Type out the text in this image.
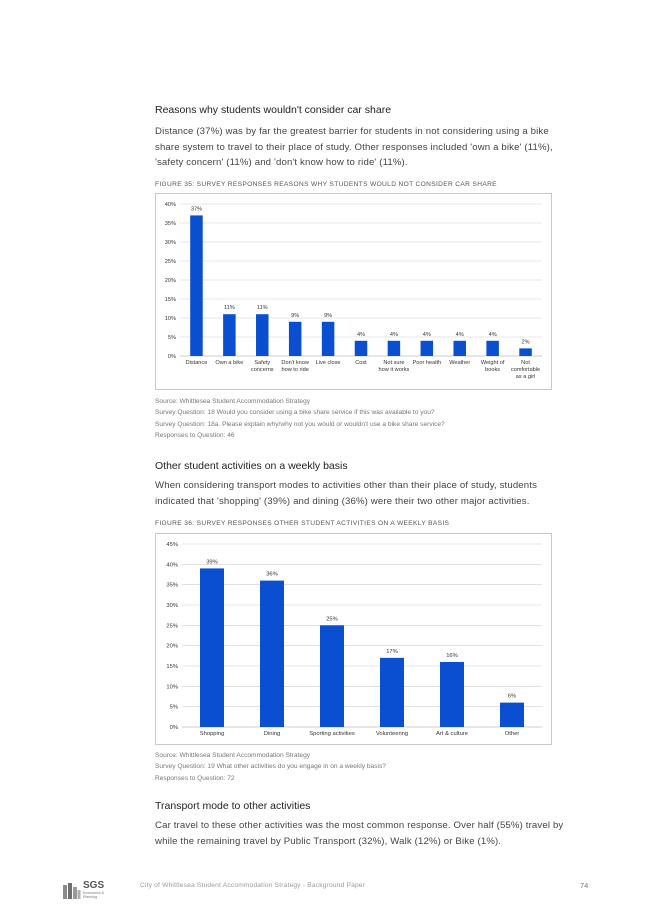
Reasons why students wouldn't consider car share
Distance (37%) was by far the greatest barrier for students in not considering using a bike
share system to travel to their place of study. Other responses included 'own a bike' (11%),
'safety concern' (11%) and 'don't know how to ride' (11%).
FIGURE 35: SURVEY RESPONSES REASONS WHY STUDENTS WOULD NOT CONSIDER CAR SHARE
0%
5%
10%
15%
20%
25%
30%
35%
40%
37%
Distance
11%
Own a bike
11%
Safety concerns
9%
Don't know how to ride
9%
Live close
4%
Cost
4%
Not sure how it works
4%
Poor health
4%
Weather
4%
Weight of books
2%
Not comfortable as a girl
Source: Whittlesea Student Accommodation Strategy
Survey Question: 18 Would you consider using a bike share service if this was available to you?
Survey Question: 18a. Please explain why/why not you would or wouldn't use a bike share service?
Responses to Question: 46
Other student activities on a weekly basis
When considering transport modes to activities other than their place of study, students
indicated that 'shopping' (39%) and dining (36%) were their two other major activities.
FIGURE 36: SURVEY RESPONSES OTHER STUDENT ACTIVITIES ON A WEEKLY BASIS
0%
5%
10%
15%
20%
25%
30%
35%
40%
45%
39%
Shopping
36%
Dining
25%
Sporting activities
17%
Volunteering
16%
Art & culture
6%
Other
Source: Whittlesea Student Accommodation Strategy
Survey Question: 19 What other activities do you engage in on a weekly basis?
Responses to Question: 72
Transport mode to other activities
Car travel to these other activities was the most common response. Over half (55%) travel by
while the remaining travel by Public Transport (32%), Walk (12%) or Bike (1%).
SGS
Economics & Planning
City of Whittlesea Student Accommodation Strategy - Background Paper	74
